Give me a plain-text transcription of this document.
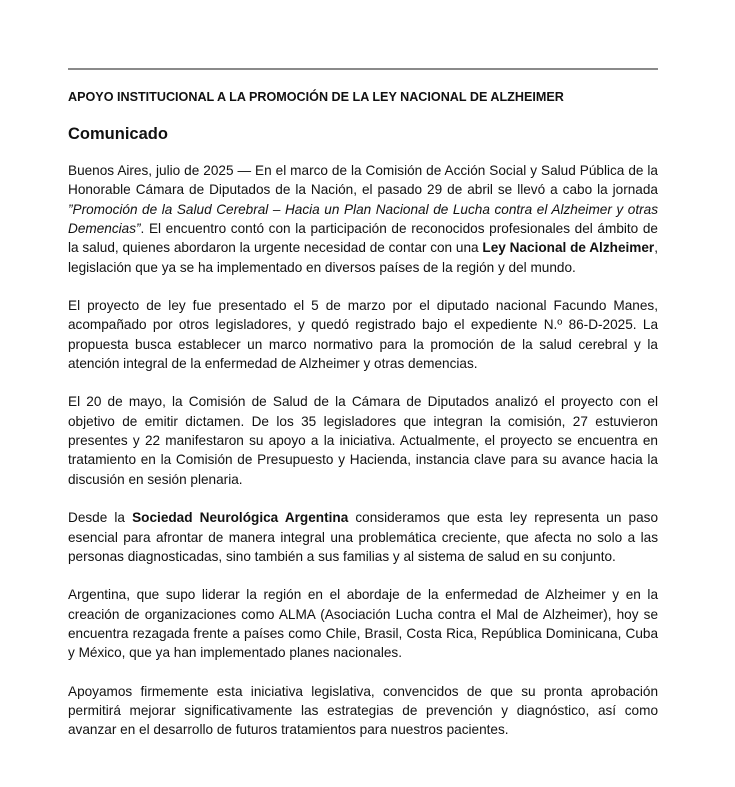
APOYO INSTITUCIONAL A LA PROMOCIÓN DE LA LEY NACIONAL DE ALZHEIMER
Comunicado

Buenos Aires, julio de 2025 — En el marco de la Comisión de Acción Social y Salud Pública de la Honorable Cámara de Diputados de la Nación, el pasado 29 de abril se llevó a cabo la jornada ”Promoción de la Salud Cerebral – Hacia un Plan Nacional de Lucha contra el Alzheimer y otras Demencias”. El encuentro contó con la participación de reconocidos profesionales del ámbito de la salud, quienes abordaron la urgente necesidad de contar con una Ley Nacional de Alzheimer, legislación que ya se ha implementado en diversos países de la región y del mundo.

El proyecto de ley fue presentado el 5 de marzo por el diputado nacional Facundo Manes, acompañado por otros legisladores, y quedó registrado bajo el expediente N.º 86-D-2025. La propuesta busca establecer un marco normativo para la promoción de la salud cerebral y la atención integral de la enfermedad de Alzheimer y otras demencias.

El 20 de mayo, la Comisión de Salud de la Cámara de Diputados analizó el proyecto con el objetivo de emitir dictamen. De los 35 legisladores que integran la comisión, 27 estuvieron presentes y 22 manifestaron su apoyo a la iniciativa. Actualmente, el proyecto se encuentra en tratamiento en la Comisión de Presupuesto y Hacienda, instancia clave para su avance hacia la discusión en sesión plenaria.

Desde la Sociedad Neurológica Argentina consideramos que esta ley representa un paso esencial para afrontar de manera integral una problemática creciente, que afecta no solo a las personas diagnosticadas, sino también a sus familias y al sistema de salud en su conjunto.

Argentina, que supo liderar la región en el abordaje de la enfermedad de Alzheimer y en la creación de organizaciones como ALMA (Asociación Lucha contra el Mal de Alzheimer), hoy se encuentra rezagada frente a países como Chile, Brasil, Costa Rica, República Dominicana, Cuba y México, que ya han implementado planes nacionales.

Apoyamos firmemente esta iniciativa legislativa, convencidos de que su pronta aprobación permitirá mejorar significativamente las estrategias de prevención y diagnóstico, así como avanzar en el desarrollo de futuros tratamientos para nuestros pacientes.
